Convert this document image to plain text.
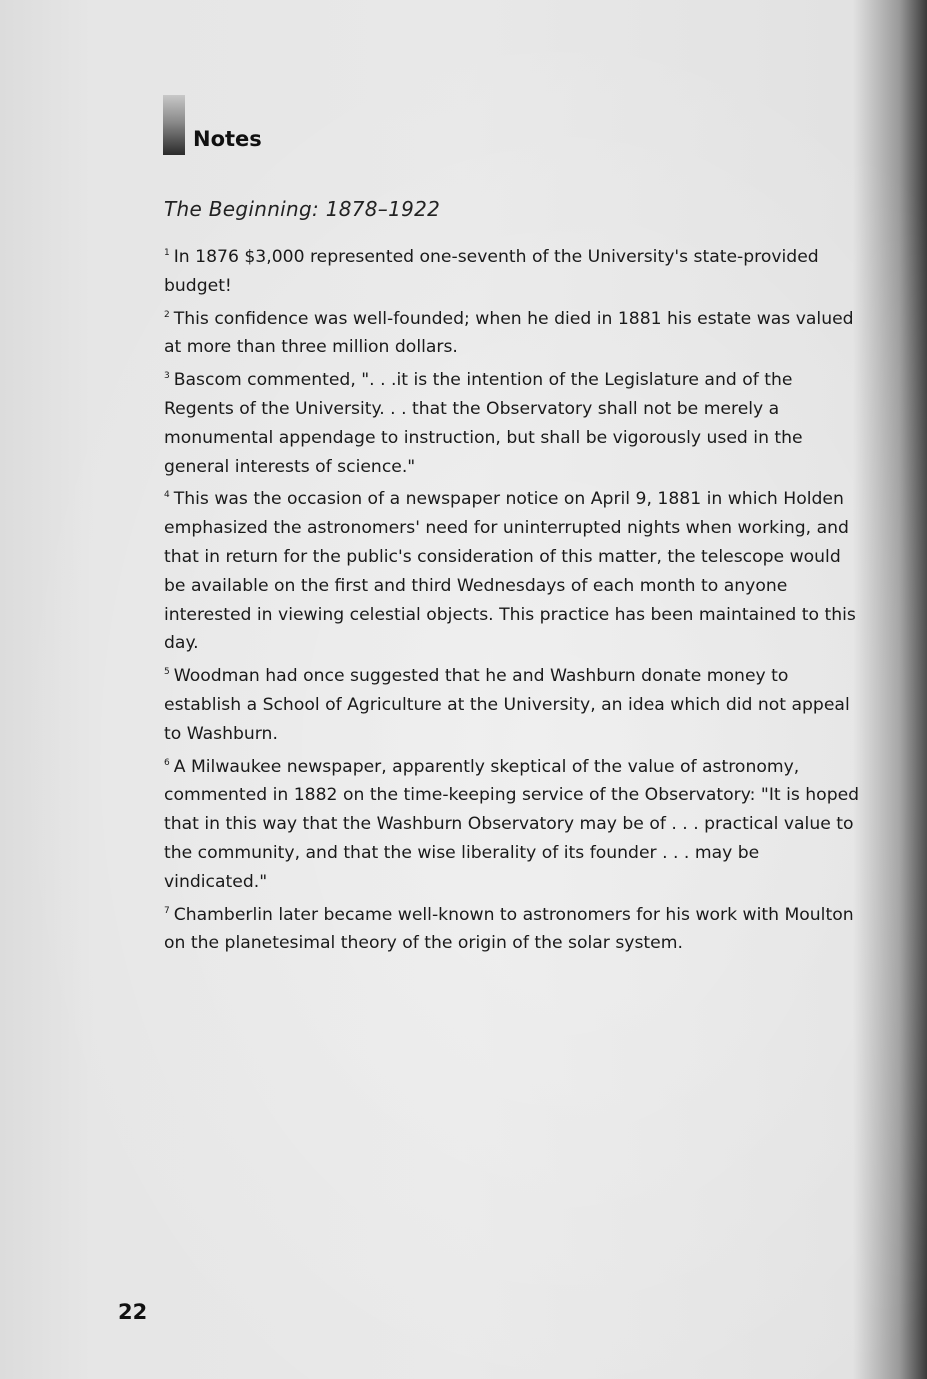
Notes
The Beginning: 1878–1922

$^1$ In 1876 $3,000 represented one-seventh of the University's state-provided budget!

$^2$ This confidence was well-founded; when he died in 1881 his estate was valued at more than three million dollars.

$^3$ Bascom commented, ". . .it is the intention of the Legislature and of the Regents of the University. . . that the Observatory shall not be merely a monumental appendage to instruction, but shall be vigorously used in the general interests of science."

$^4$ This was the occasion of a newspaper notice on April 9, 1881 in which Holden emphasized the astronomers' need for uninterrupted nights when working, and that in return for the public's consideration of this matter, the telescope would be available on the first and third Wednesdays of each month to anyone interested in viewing celestial objects. This practice has been maintained to this day.

$^5$ Woodman had once suggested that he and Washburn donate money to establish a School of Agriculture at the University, an idea which did not appeal to Washburn.

$^6$ A Milwaukee newspaper, apparently skeptical of the value of astronomy, commented in 1882 on the time-keeping service of the Observatory: "It is hoped that in this way that the Washburn Observatory may be of . . . practical value to the community, and that the wise liberality of its founder . . . may be vindicated."

$^7$ Chamberlin later became well-known to astronomers for his work with Moulton on the planetesimal theory of the origin of the solar system.

22
